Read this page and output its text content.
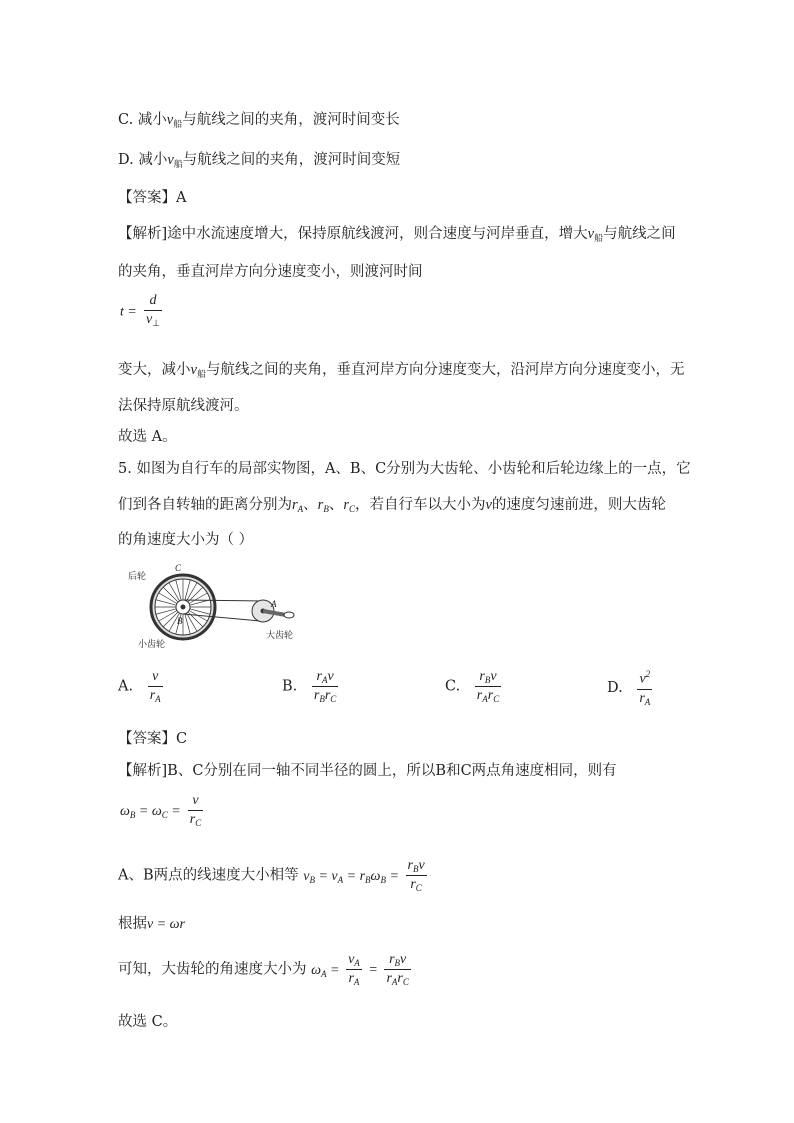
C. 减小$v_船$与航线之间的夹角，渡河时间变长
D. 减小$v_船$与航线之间的夹角，渡河时间变短
【答案】A
【解析]途中水流速度增大，保持原航线渡河，则合速度与河岸垂直，增大$v_船$与航线之间
的夹角，垂直河岸方向分速度变小，则渡河时间
$t = \frac{d}{v_\perp}$
变大，减小$v_船$与航线之间的夹角，垂直河岸方向分速度变大，沿河岸方向分速度变小，无
法保持原航线渡河。
故选 A。
5. 如图为自行车的局部实物图，A、B、C分别为大齿轮、小齿轮和后轮边缘上的一点，它
们到各自转轴的距离分别为$r_A$、$r_B$、$r_C$，若自行车以大小为v的速度匀速前进，则大齿轮
的角速度大小为（ ）
后轮
小齿轮
大齿轮
C
B
A
A. $\frac{v}{r_A}$	B. $\frac{r_Av}{r_Br_C}$	C. $\frac{r_Bv}{r_Ar_C}$	D. $\frac{v^2}{r_A}$
【答案】C
【解析]B、C分别在同一轴不同半径的圆上，所以B和C两点角速度相同，则有
$\omega_B = \omega_C = \frac{v}{r_C}$
A、B两点的线速度大小相等 $v_B = v_A = r_B\omega_B = \frac{r_Bv}{r_C}$
根据v = ωr
可知，大齿轮的角速度大小为 $\omega_A = \frac{v_A}{r_A} = \frac{r_Bv}{r_Ar_C}$
故选 C。
